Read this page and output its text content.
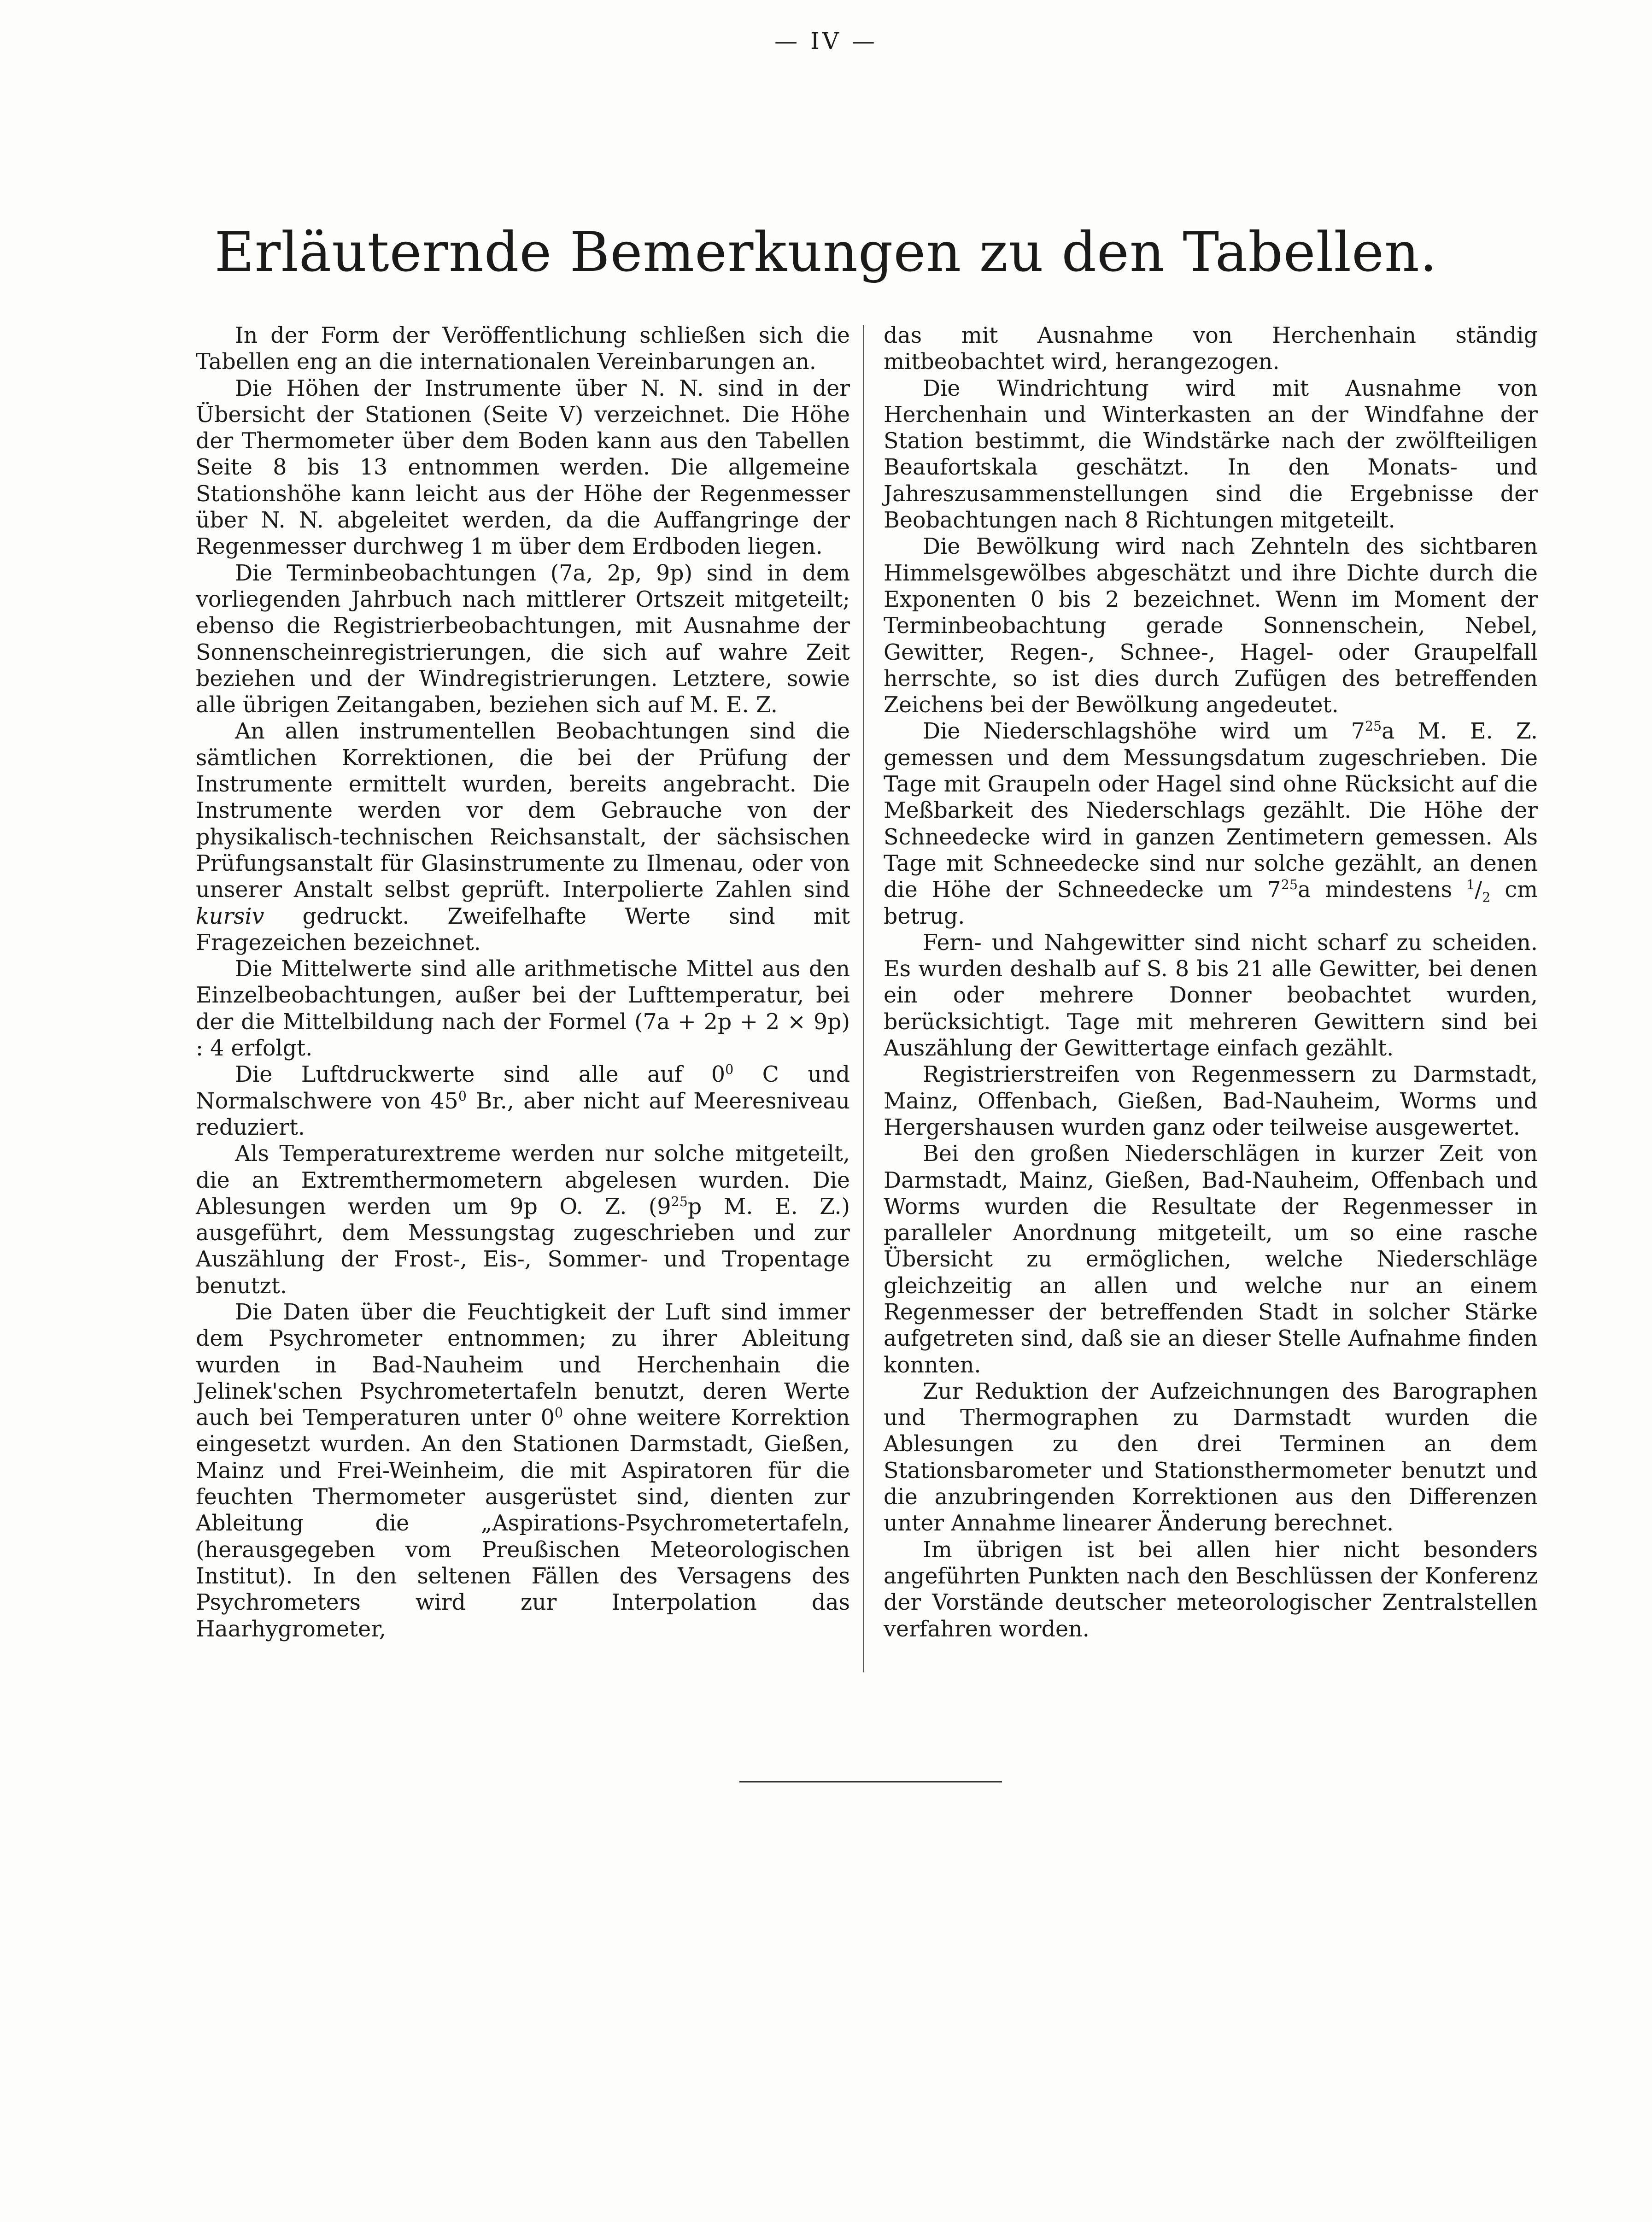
— IV —
Erläuternde Bemerkungen zu den Tabellen.

In der Form der Veröffentlichung schließen sich die Tabellen eng an die internationalen Vereinbarungen an.

Die Höhen der Instrumente über N. N. sind in der Übersicht der Stationen (Seite V) verzeichnet. Die Höhe der Thermometer über dem Boden kann aus den Tabellen Seite 8 bis 13 entnommen werden. Die allgemeine Stationshöhe kann leicht aus der Höhe der Regenmesser über N. N. abgeleitet werden, da die Auffangringe der Regenmesser durchweg 1 m über dem Erdboden liegen.

Die Terminbeobachtungen (7a, 2p, 9p) sind in dem vorliegenden Jahrbuch nach mittlerer Ortszeit mitgeteilt; ebenso die Registrierbeobachtungen, mit Ausnahme der Sonnenscheinregistrierungen, die sich auf wahre Zeit beziehen und der Windregistrierungen. Letztere, sowie alle übrigen Zeitangaben, beziehen sich auf M. E. Z.

An allen instrumentellen Beobachtungen sind die sämtlichen Korrektionen, die bei der Prüfung der Instrumente ermittelt wurden, bereits angebracht. Die Instrumente werden vor dem Gebrauche von der physikalisch-technischen Reichsanstalt, der sächsischen Prüfungsanstalt für Glasinstrumente zu Ilmenau, oder von unserer Anstalt selbst geprüft. Interpolierte Zahlen sind kursiv gedruckt. Zweifelhafte Werte sind mit Fragezeichen bezeichnet.

Die Mittelwerte sind alle arithmetische Mittel aus den Einzelbeobachtungen, außer bei der Lufttemperatur, bei der die Mittelbildung nach der Formel (7a + 2p + 2 × 9p) : 4 erfolgt.

Die Luftdruckwerte sind alle auf $0^0$ C und Normalschwere von $45^0$ Br., aber nicht auf Meeresniveau reduziert.

Als Temperaturextreme werden nur solche mitgeteilt, die an Extremthermometern abgelesen wurden. Die Ablesungen werden um 9p O. Z. ($9^{25}p$ M. E. Z.) ausgeführt, dem Messungstag zugeschrieben und zur Auszählung der Frost-, Eis-, Sommer- und Tropentage benutzt.

Die Daten über die Feuchtigkeit der Luft sind immer dem Psychrometer entnommen; zu ihrer Ableitung wurden in Bad-Nauheim und Herchenhain die Jelinek'schen Psychrometertafeln benutzt, deren Werte auch bei Temperaturen unter $0^0$ ohne weitere Korrektion eingesetzt wurden. An den Stationen Darmstadt, Gießen, Mainz und Frei-Weinheim, die mit Aspiratoren für die feuchten Thermometer ausgerüstet sind, dienten zur Ableitung die „Aspirations-Psychrometertafeln, (herausgegeben vom Preußischen Meteorologischen Institut). In den seltenen Fällen des Versagens des Psychrometers wird zur Interpolation das Haarhygrometer,

das mit Ausnahme von Herchenhain ständig mitbeobachtet wird, herangezogen.

Die Windrichtung wird mit Ausnahme von Herchenhain und Winterkasten an der Windfahne der Station bestimmt, die Windstärke nach der zwölfteiligen Beaufortskala geschätzt. In den Monats- und Jahreszusammenstellungen sind die Ergebnisse der Beobachtungen nach 8 Richtungen mitgeteilt.

Die Bewölkung wird nach Zehnteln des sichtbaren Himmelsgewölbes abgeschätzt und ihre Dichte durch die Exponenten 0 bis 2 bezeichnet. Wenn im Moment der Terminbeobachtung gerade Sonnenschein, Nebel, Gewitter, Regen-, Schnee-, Hagel- oder Graupelfall herrschte, so ist dies durch Zufügen des betreffenden Zeichens bei der Bewölkung angedeutet.

Die Niederschlagshöhe wird um $7^{25}a$ M. E. Z. gemessen und dem Messungsdatum zugeschrieben. Die Tage mit Graupeln oder Hagel sind ohne Rücksicht auf die Meßbarkeit des Niederschlags gezählt. Die Höhe der Schneedecke wird in ganzen Zentimetern gemessen. Als Tage mit Schneedecke sind nur solche gezählt, an denen die Höhe der Schneedecke um $7^{25}a$ mindestens $^1/_2$ cm betrug.

Fern- und Nahgewitter sind nicht scharf zu scheiden. Es wurden deshalb auf S. 8 bis 21 alle Gewitter, bei denen ein oder mehrere Donner beobachtet wurden, berücksichtigt. Tage mit mehreren Gewittern sind bei Auszählung der Gewittertage einfach gezählt.

Registrierstreifen von Regenmessern zu Darmstadt, Mainz, Offenbach, Gießen, Bad-Nauheim, Worms und Hergershausen wurden ganz oder teilweise ausgewertet.

Bei den großen Niederschlägen in kurzer Zeit von Darmstadt, Mainz, Gießen, Bad-Nauheim, Offenbach und Worms wurden die Resultate der Regenmesser in paralleler Anordnung mitgeteilt, um so eine rasche Übersicht zu ermöglichen, welche Niederschläge gleichzeitig an allen und welche nur an einem Regenmesser der betreffenden Stadt in solcher Stärke aufgetreten sind, daß sie an dieser Stelle Aufnahme finden konnten.

Zur Reduktion der Aufzeichnungen des Barographen und Thermographen zu Darmstadt wurden die Ablesungen zu den drei Terminen an dem Stationsbarometer und Stationsthermometer benutzt und die anzubringenden Korrektionen aus den Differenzen unter Annahme linearer Änderung berechnet.

Im übrigen ist bei allen hier nicht besonders angeführten Punkten nach den Beschlüssen der Konferenz der Vorstände deutscher meteorologischer Zentralstellen verfahren worden.
